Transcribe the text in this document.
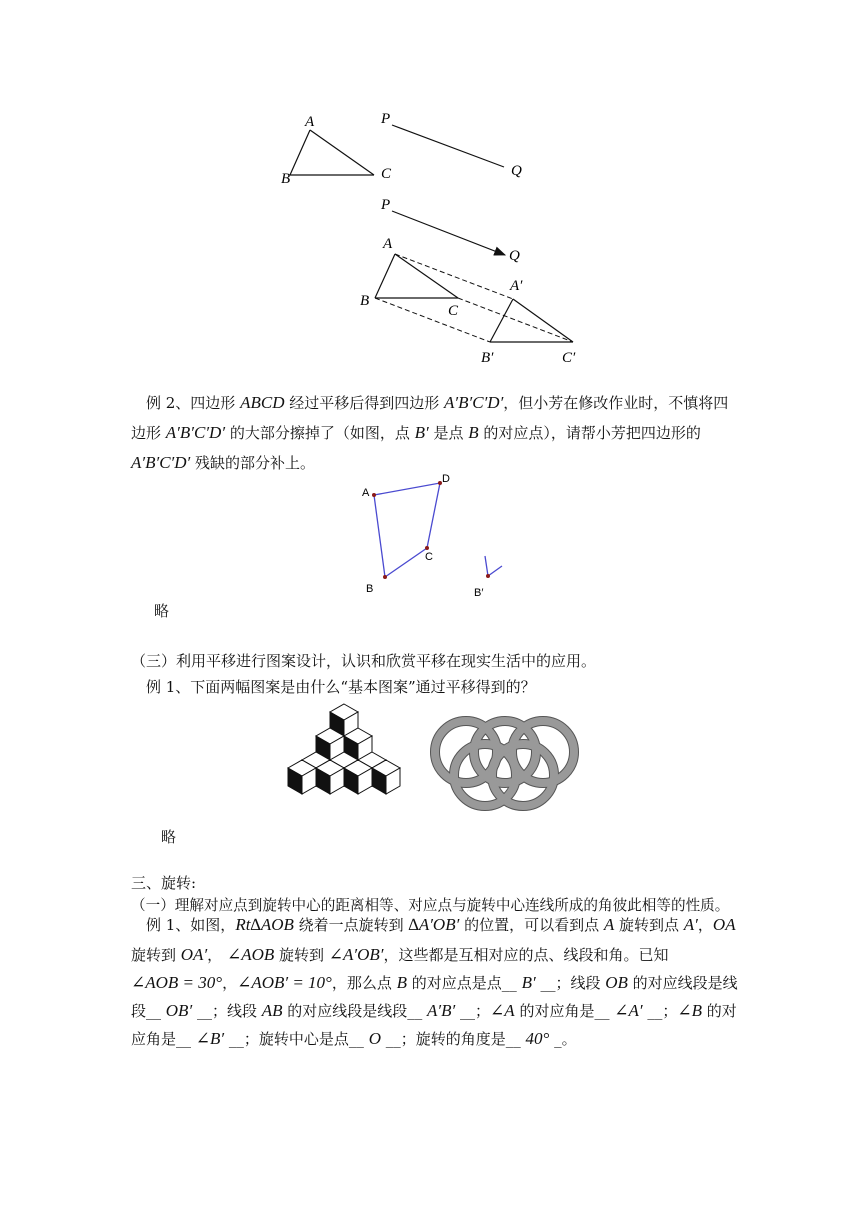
A
B	C
P
Q
P
Q
A
B
C
A′
B′	C′
例 2、四边形 ABCD 经过平移后得到四边形 A′B′C′D′，但小芳在修改作业时，不慎将四
边形 A′B′C′D′ 的大部分擦掉了（如图，点 B′ 是点 B 的对应点），请帮小芳把四边形的
A′B′C′D′ 残缺的部分补上。
A
D
C
B	B′
略
（三）利用平移进行图案设计，认识和欣赏平移在现实生活中的应用。
例 1、下面两幅图案是由什么“基本图案”通过平移得到的？
略
三、旋转:
（一）理解对应点到旋转中心的距离相等、对应点与旋转中心连线所成的角彼此相等的性质。
例 1、如图，Rt∆AOB 绕着一点旋转到 ∆A′OB′ 的位置，可以看到点 A 旋转到点 A′，OA
旋转到 OA′， ∠AOB 旋转到 ∠A′OB′，这些都是互相对应的点、线段和角。已知
∠AOB = 30°，∠AOB′ = 10°，那么点 B 的对应点是点__ B′ __；线段 OB 的对应线段是线
段__ OB′ __；线段 AB 的对应线段是线段__ A′B′ __；∠A 的对应角是__ ∠A′ __；∠B 的对
应角是__ ∠B′ __；旋转中心是点__ O __；旋转的角度是__ 40° _。
